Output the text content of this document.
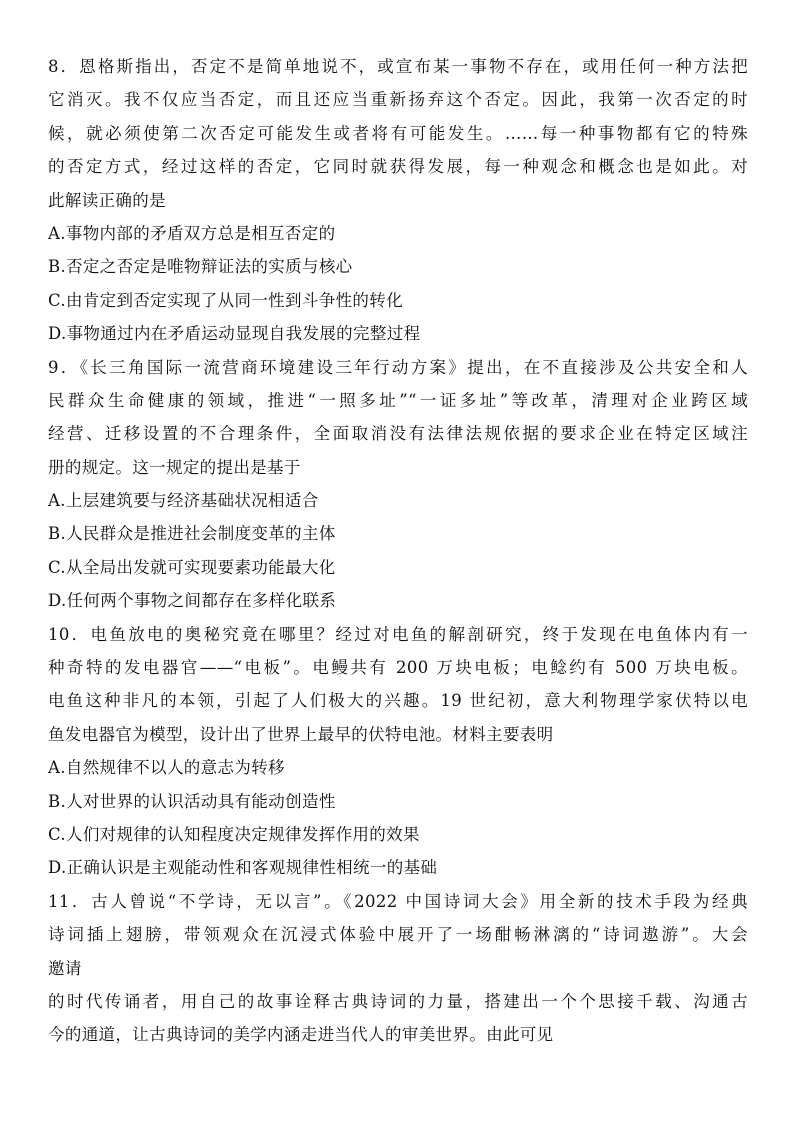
8．恩格斯指出，否定不是简单地说不，或宣布某一事物不存在，或用任何一种方法把
它消灭。我不仅应当否定，而且还应当重新扬弃这个否定。因此，我第一次否定的时
候，就必须使第二次否定可能发生或者将有可能发生。……每一种事物都有它的特殊
的否定方式，经过这样的否定，它同时就获得发展，每一种观念和概念也是如此。对
此解读正确的是
A.事物内部的矛盾双方总是相互否定的
B.否定之否定是唯物辩证法的实质与核心
C.由肯定到否定实现了从同一性到斗争性的转化
D.事物通过内在矛盾运动显现自我发展的完整过程
9．《长三角国际一流营商环境建设三年行动方案》提出，在不直接涉及公共安全和人
民群众生命健康的领域，推进“一照多址”“一证多址”等改革，清理对企业跨区域
经营、迁移设置的不合理条件，全面取消没有法律法规依据的要求企业在特定区域注
册的规定。这一规定的提出是基于
A.上层建筑要与经济基础状况相适合
B.人民群众是推进社会制度变革的主体
C.从全局出发就可实现要素功能最大化
D.任何两个事物之间都存在多样化联系
10．电鱼放电的奥秘究竟在哪里？经过对电鱼的解剖研究，终于发现在电鱼体内有一
种奇特的发电器官——“电板”。电鳗共有 200 万块电板；电鲶约有 500 万块电板。
电鱼这种非凡的本领，引起了人们极大的兴趣。19 世纪初，意大利物理学家伏特以电
鱼发电器官为模型，设计出了世界上最早的伏特电池。材料主要表明
A.自然规律不以人的意志为转移
B.人对世界的认识活动具有能动创造性
C.人们对规律的认知程度决定规律发挥作用的效果
D.正确认识是主观能动性和客观规律性相统一的基础
11．古人曾说“不学诗，无以言”。《2022 中国诗词大会》用全新的技术手段为经典
诗词插上翅膀，带领观众在沉浸式体验中展开了一场酣畅淋漓的“诗词遨游”。大会
邀请
的时代传诵者，用自己的故事诠释古典诗词的力量，搭建出一个个思接千载、沟通古
今的通道，让古典诗词的美学内涵走进当代人的审美世界。由此可见
